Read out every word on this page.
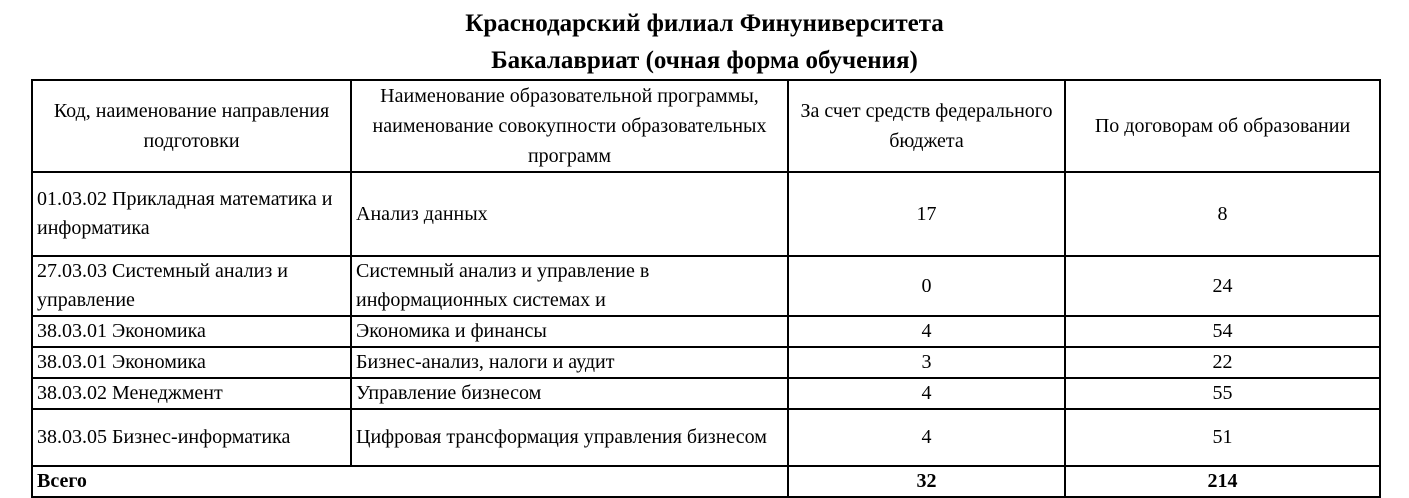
Краснодарский филиал Финуниверситета
Бакалавриат (очная форма обучения)
Код, наименование направления подготовки	Наименование образовательной программы, наименование совокупности образовательных программ	За счет средств федерального бюджета	По договорам об образовании
01.03.02 Прикладная математика и информатика	Анализ данных	17	8
27.03.03 Системный анализ и управление	Системный анализ и управление в информационных системах и	0	24
38.03.01 Экономика	Экономика и финансы	4	54
38.03.01 Экономика	Бизнес-анализ, налоги и аудит	3	22
38.03.02 Менеджмент	Управление бизнесом	4	55
38.03.05 Бизнес-информатика	Цифровая трансформация управления бизнесом	4	51
Всего		32	214
